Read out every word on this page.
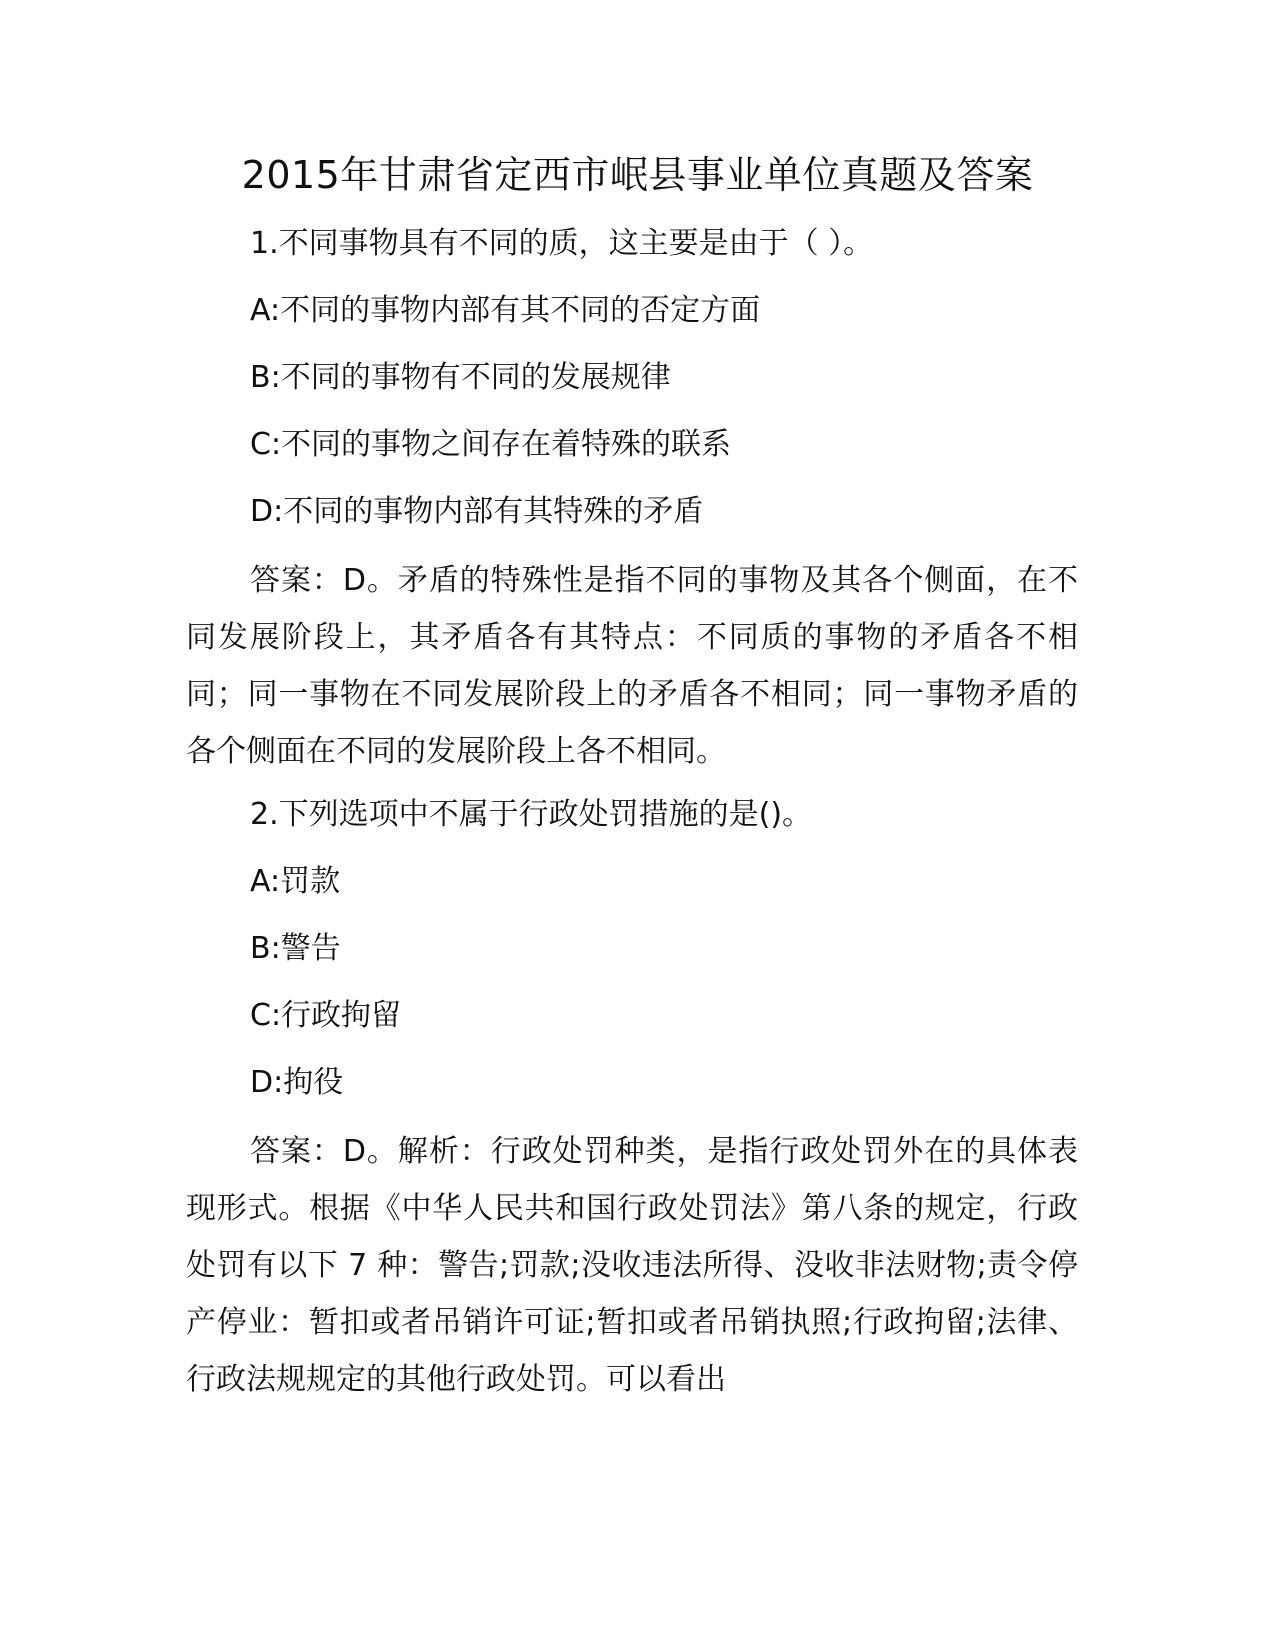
2015年甘肃省定西市岷县事业单位真题及答案
1.不同事物具有不同的质，这主要是由于（ ）。
A:不同的事物内部有其不同的否定方面
B:不同的事物有不同的发展规律
C:不同的事物之间存在着特殊的联系
D:不同的事物内部有其特殊的矛盾

答案：D。矛盾的特殊性是指不同的事物及其各个侧面，在不同发展阶段上，其矛盾各有其特点：不同质的事物的矛盾各不相同；同一事物在不同发展阶段上的矛盾各不相同；同一事物矛盾的各个侧面在不同的发展阶段上各不相同。

2.下列选项中不属于行政处罚措施的是()。
A:罚款
B:警告
C:行政拘留
D:拘役

答案：D。解析：行政处罚种类，是指行政处罚外在的具体表现形式。根据《中华人民共和国行政处罚法》第八条的规定，行政处罚有以下 7 种：警告;罚款;没收违法所得、没收非法财物;责令停产停业：暂扣或者吊销许可证;暂扣或者吊销执照;行政拘留;法律、行政法规规定的其他行政处罚。可以看出
